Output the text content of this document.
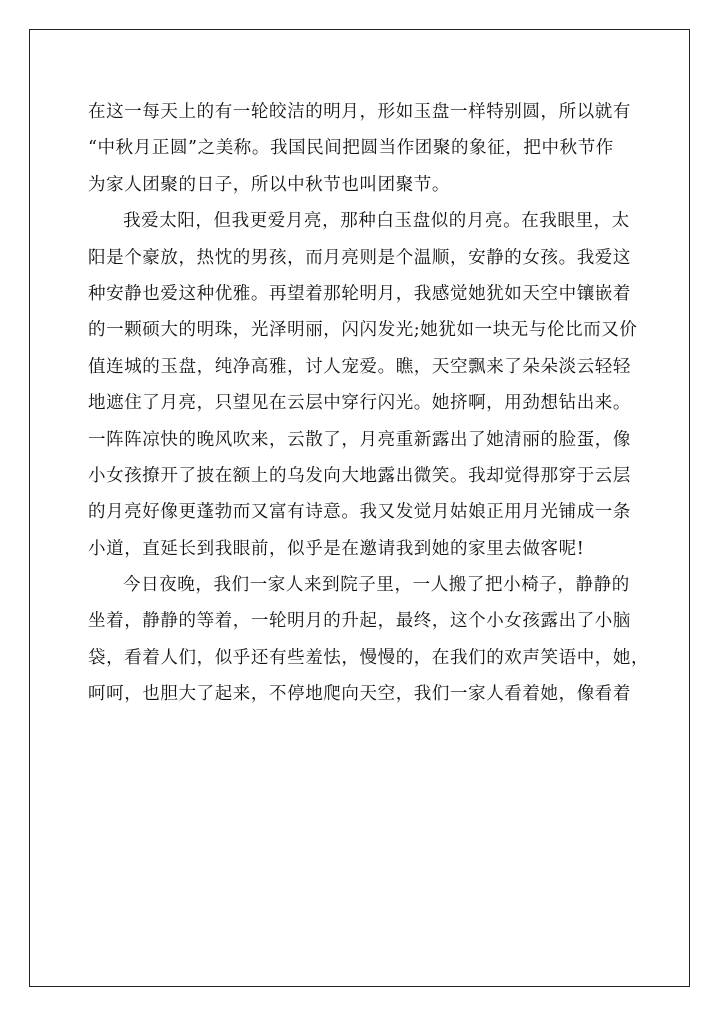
在这一每天上的有一轮皎洁的明月，形如玉盘一样特别圆，所以就有
“中秋月正圆”之美称。我国民间把圆当作团聚的象征，把中秋节作
为家人团聚的日子，所以中秋节也叫团聚节。
我爱太阳，但我更爱月亮，那种白玉盘似的月亮。在我眼里，太
阳是个豪放，热忱的男孩，而月亮则是个温顺，安静的女孩。我爱这
种安静也爱这种优雅。再望着那轮明月，我感觉她犹如天空中镶嵌着
的一颗硕大的明珠，光泽明丽，闪闪发光;她犹如一块无与伦比而又价
值连城的玉盘，纯净高雅，讨人宠爱。瞧，天空飘来了朵朵淡云轻轻
地遮住了月亮，只望见在云层中穿行闪光。她挤啊，用劲想钻出来。
一阵阵凉快的晚风吹来，云散了，月亮重新露出了她清丽的脸蛋，像
小女孩撩开了披在额上的乌发向大地露出微笑。我却觉得那穿于云层
的月亮好像更蓬勃而又富有诗意。我又发觉月姑娘正用月光铺成一条
小道，直延长到我眼前，似乎是在邀请我到她的家里去做客呢!
今日夜晚，我们一家人来到院子里，一人搬了把小椅子，静静的
坐着，静静的等着，一轮明月的升起，最终，这个小女孩露出了小脑
袋，看着人们，似乎还有些羞怯，慢慢的，在我们的欢声笑语中，她，
呵呵，也胆大了起来，不停地爬向天空，我们一家人看着她，像看着
